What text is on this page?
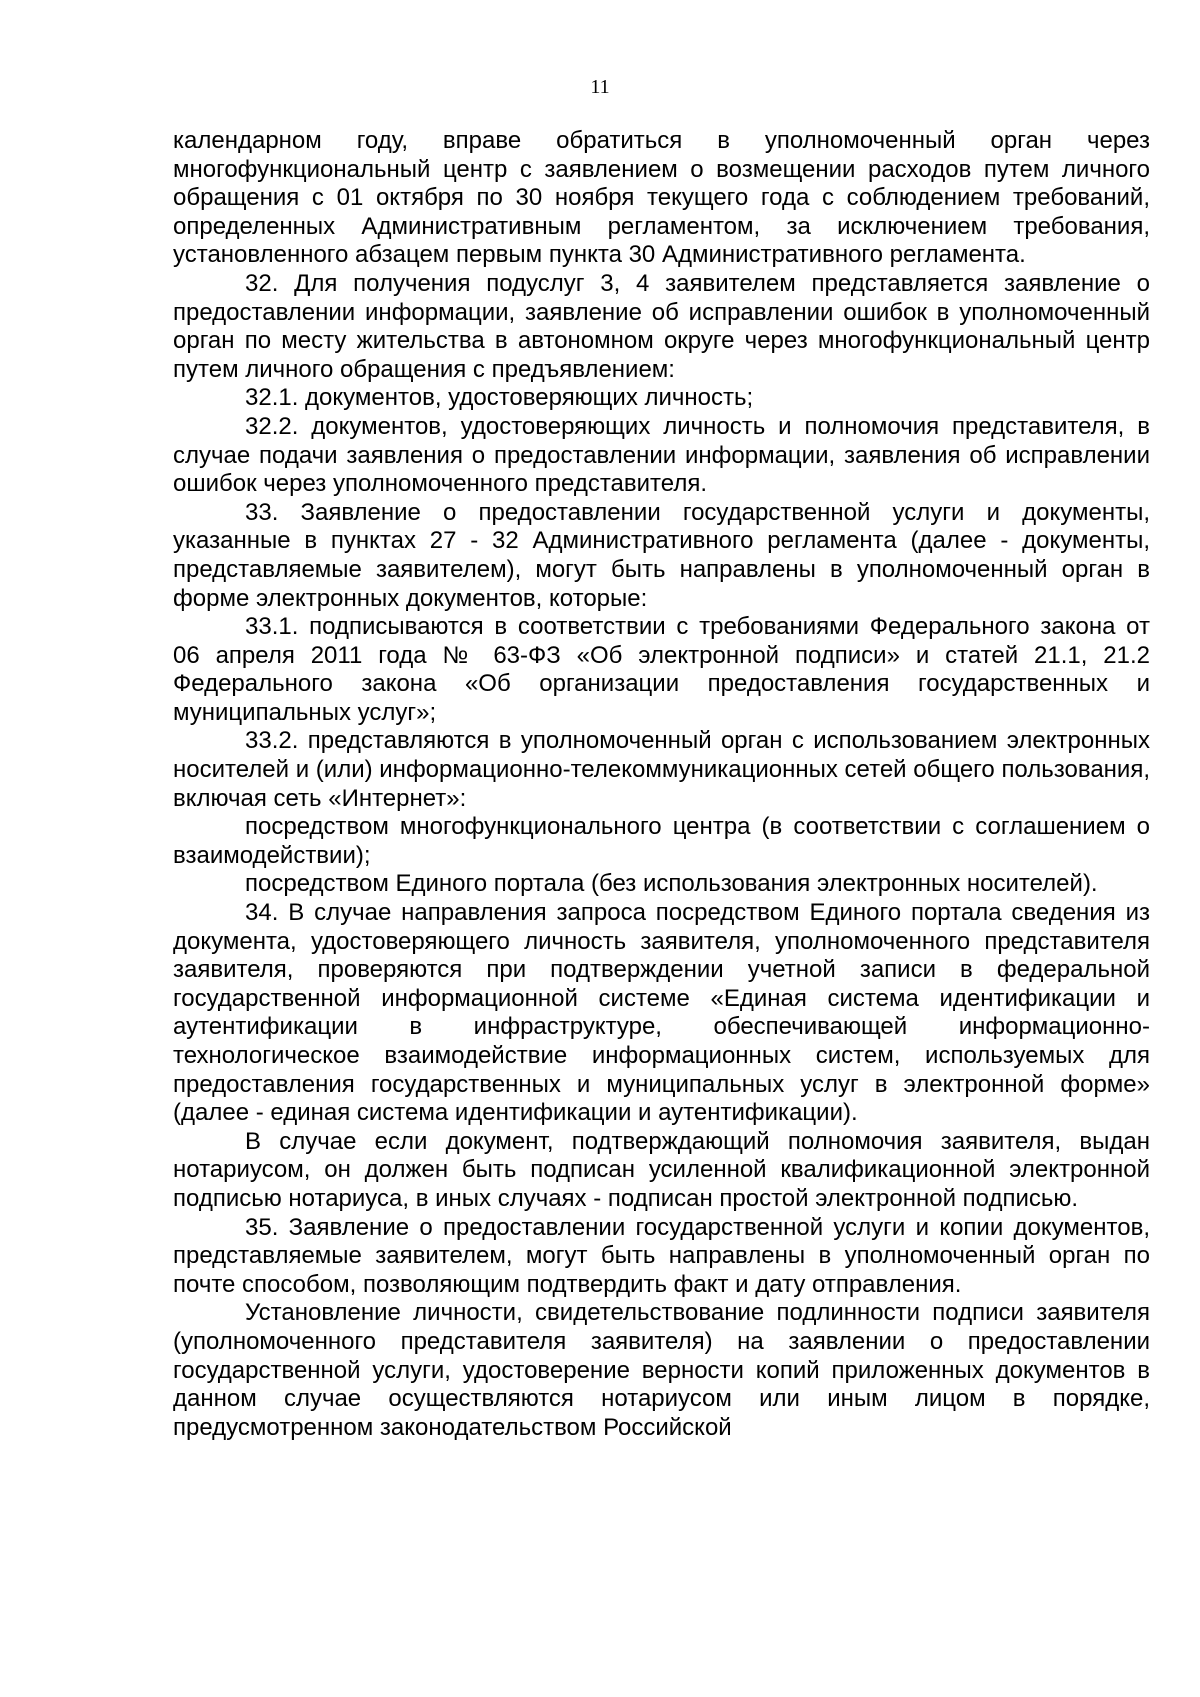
11

календарном году, вправе обратиться в уполномоченный орган через многофункциональный центр с заявлением о возмещении расходов путем личного обращения с 01 октября по 30 ноября текущего года с соблюдением требований, определенных Административным регламентом, за исключением требования, установленного абзацем первым пункта 30 Административного регламента.

32. Для получения подуслуг 3, 4 заявителем представляется заявление о предоставлении информации, заявление об исправлении ошибок в уполномоченный орган по месту жительства в автономном округе через многофункциональный центр путем личного обращения с предъявлением:

32.1. документов, удостоверяющих личность;

32.2. документов, удостоверяющих личность и полномочия представителя, в случае подачи заявления о предоставлении информации, заявления об исправлении ошибок через уполномоченного представителя.

33. Заявление о предоставлении государственной услуги и документы, указанные в пунктах 27 - 32 Административного регламента (далее - документы, представляемые заявителем), могут быть направлены в уполномоченный орган в форме электронных документов, которые:

33.1. подписываются в соответствии с требованиями Федерального закона от 06 апреля 2011 года № 63-ФЗ «Об электронной подписи» и статей 21.1, 21.2 Федерального закона «Об организации предоставления государственных и муниципальных услуг»;

33.2. представляются в уполномоченный орган с использованием электронных носителей и (или) информационно-телекоммуникационных сетей общего пользования, включая сеть «Интернет»:

посредством многофункционального центра (в соответствии с соглашением о взаимодействии);

посредством Единого портала (без использования электронных носителей).

34. В случае направления запроса посредством Единого портала сведения из документа, удостоверяющего личность заявителя, уполномоченного представителя заявителя, проверяются при подтверждении учетной записи в федеральной государственной информационной системе «Единая система идентификации и аутентификации в инфраструктуре, обеспечивающей информационно-технологическое взаимодействие информационных систем, используемых для предоставления государственных и муниципальных услуг в электронной форме» (далее - единая система идентификации и аутентификации).

В случае если документ, подтверждающий полномочия заявителя, выдан нотариусом, он должен быть подписан усиленной квалификационной электронной подписью нотариуса, в иных случаях - подписан простой электронной подписью.

35. Заявление о предоставлении государственной услуги и копии документов, представляемые заявителем, могут быть направлены в уполномоченный орган по почте способом, позволяющим подтвердить факт и дату отправления.

Установление личности, свидетельствование подлинности подписи заявителя (уполномоченного представителя заявителя) на заявлении о предоставлении государственной услуги, удостоверение верности копий приложенных документов в данном случае осуществляются нотариусом или иным лицом в порядке, предусмотренном законодательством Российской
